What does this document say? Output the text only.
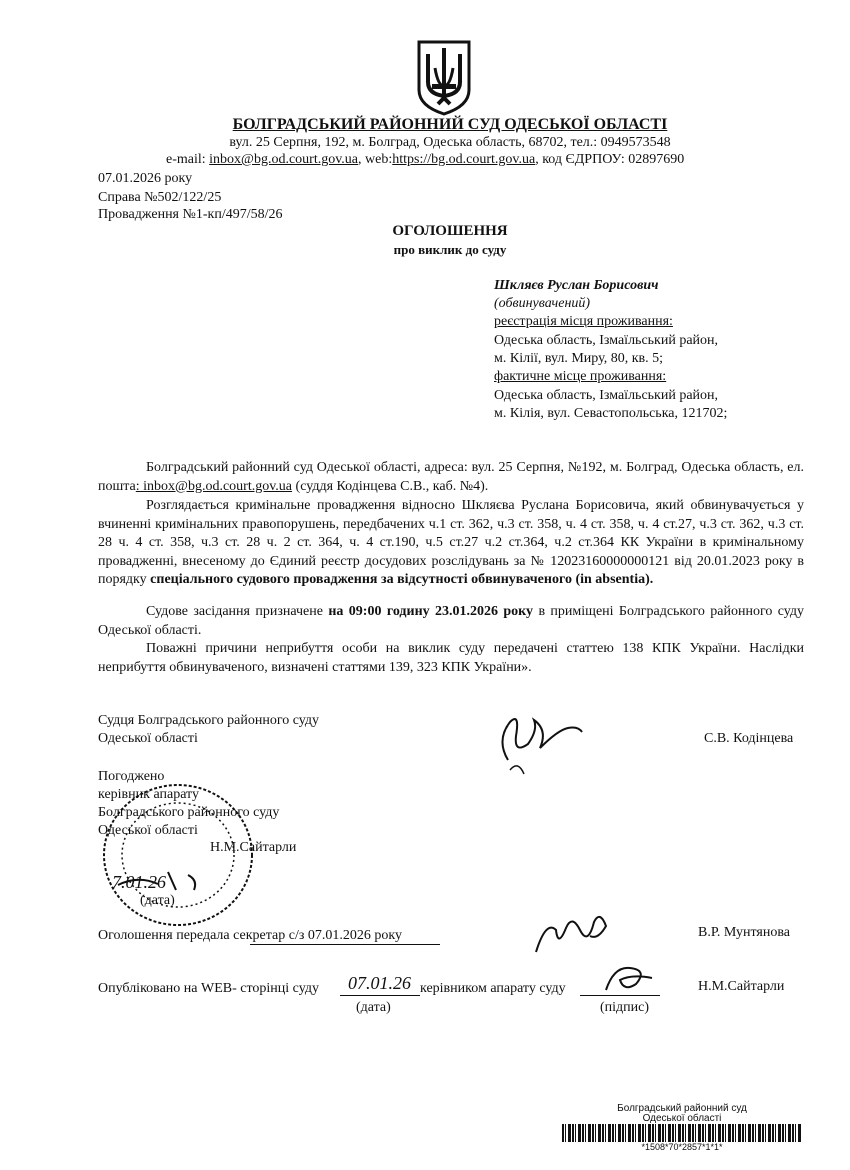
БОЛГРАДСЬКИЙ РАЙОННИЙ СУД ОДЕСЬКОЇ ОБЛАСТІ
вул. 25 Серпня, 192, м. Болград, Одеська область, 68702, тел.: 0949573548
e-mail: inbox@bg.od.court.gov.ua, web:https://bg.od.court.gov.ua, код ЄДРПОУ: 02897690
07.01.2026 року
Справа №502/122/25
Провадження №1-кп/497/58/26
ОГОЛОШЕННЯ
про виклик до суду
Шкляєв Руслан Борисович
(обвинувачений)
реєстрація місця проживання:
Одеська область, Ізмаїльський район,
м. Кілії, вул. Миру, 80, кв. 5;
фактичне місце проживання:
Одеська область, Ізмаїльський район,
м. Кілія, вул. Севастопольська, 121702;
Болградський районний суд Одеської області, адреса: вул. 25 Серпня, №192, м. Болград, Одеська область, ел. пошта: inbox@bg.od.court.gov.ua (суддя Кодінцева С.В., каб. №4).
Розглядається кримінальне провадження відносно Шкляєва Руслана Борисовича, який обвинувачується у вчиненні кримінальних правопорушень, передбачених ч.1 ст. 362, ч.3 ст. 358, ч. 4 ст. 358, ч. 4 ст.27, ч.3 ст. 362, ч.3 ст. 28 ч. 4 ст. 358, ч.3 ст. 28 ч. 2 ст. 364, ч. 4 ст.190, ч.5 ст.27 ч.2 ст.364, ч.2 ст.364 КК України в кримінальному провадженні, внесеному до Єдиний реєстр досудових розслідувань за № 12023160000000121 від 20.01.2023 року в порядку спеціального судового провадження за відсутності обвинуваченого (in absentia).
Судове засідання призначене на 09:00 годину 23.01.2026 року в приміщені Болградського районного суду Одеської області.
Поважні причини неприбуття особи на виклик суду передачені статтею 138 КПК України. Наслідки неприбуття обвинуваченого, визначені статтями 139, 323 КПК України».
Судця Болградського районного суду
Одеської області	С.В. Кодінцева
Погоджено
керівник апарату
Болградського районного суду
Одеської області
Н.М.Сайтарли
7.01.26
(дата)
Оголошення передала секретар с/з 07.01.2026 року	В.Р. Мунтянова
Опубліковано на WEB- сторінці суду 07.01.26 керівником апарату суду	Н.М.Сайтарли
(дата)	(підпис)
Болградський районний суд
Одеської області
*1508*70*2857*1*1*
